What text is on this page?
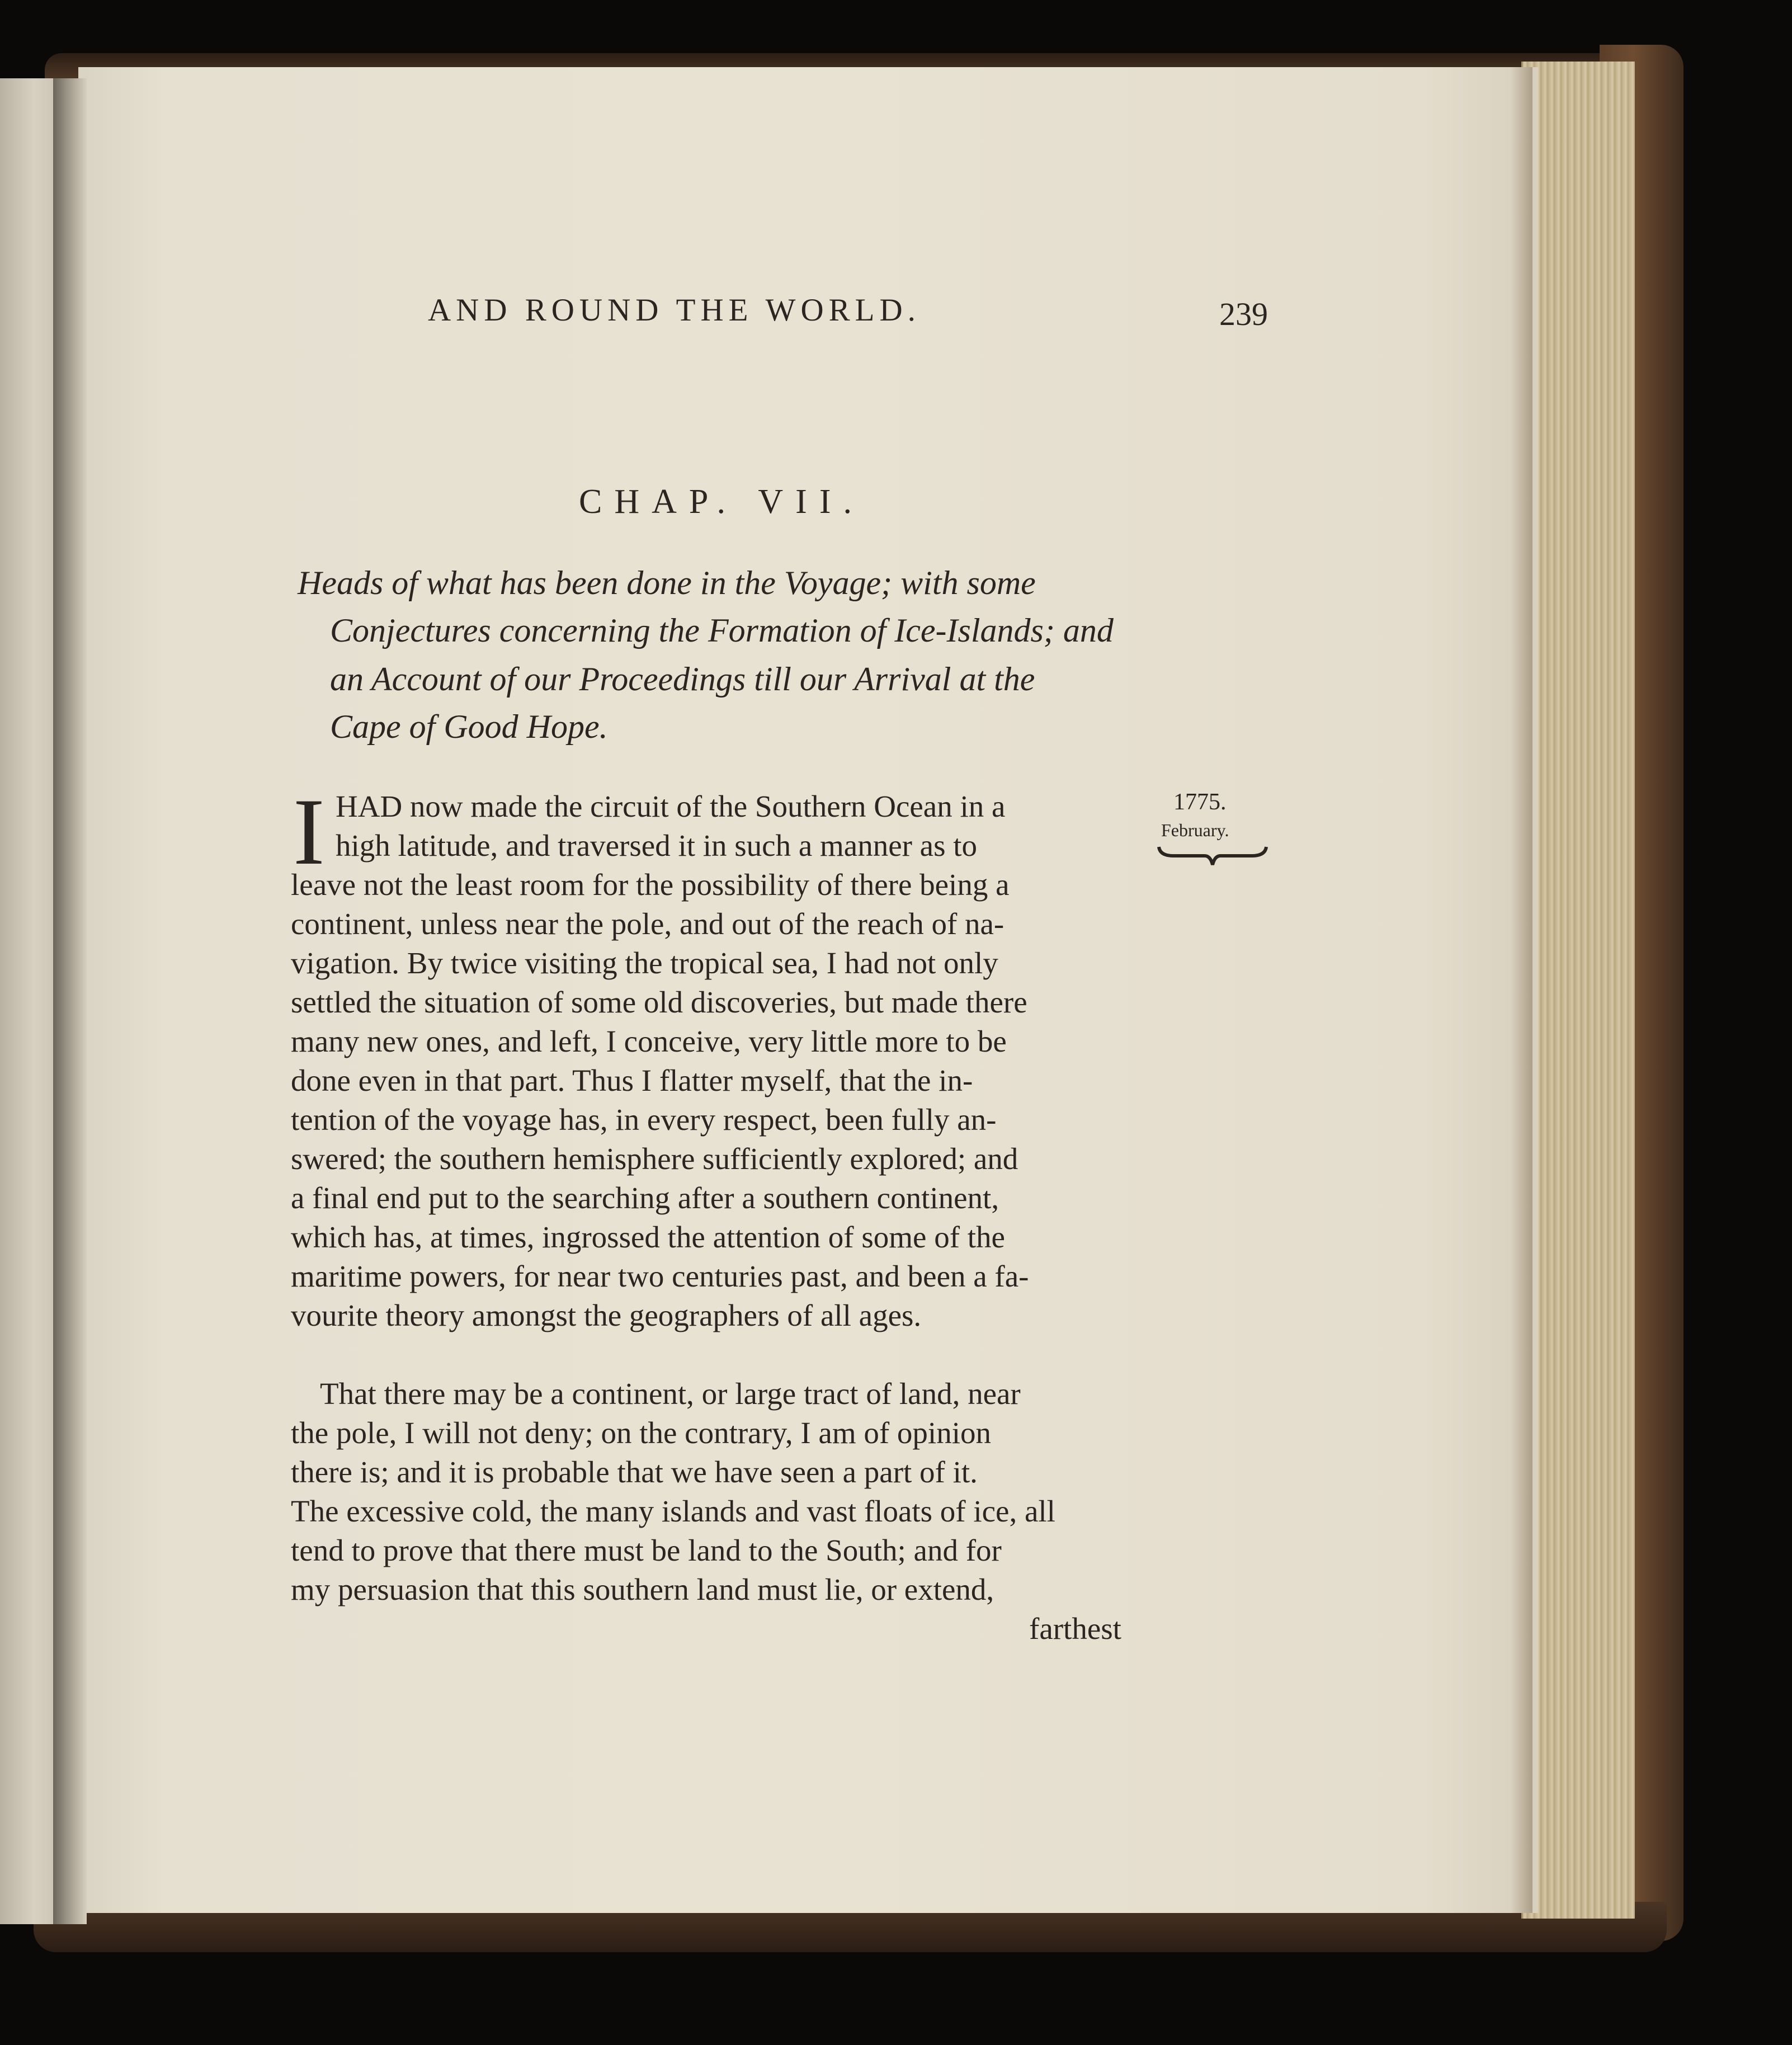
AND ROUND THE WORLD.	239
CHAP. VII.
Heads of what has been done in the Voyage; with some
Conjectures concerning the Formation of Ice-Islands; and
an Account of our Proceedings till our Arrival at the
Cape of Good Hope.
1775.
February.
I HAD now made the circuit of the Southern Ocean in a
high latitude, and traversed it in such a manner as to
leave not the least room for the possibility of there being a
continent, unless near the pole, and out of the reach of na-
vigation. By twice visiting the tropical sea, I had not only
settled the situation of some old discoveries, but made there
many new ones, and left, I conceive, very little more to be
done even in that part. Thus I flatter myself, that the in-
tention of the voyage has, in every respect, been fully an-
swered; the southern hemisphere sufficiently explored; and
a final end put to the searching after a southern continent,
which has, at times, ingrossed the attention of some of the
maritime powers, for near two centuries past, and been a fa-
vourite theory amongst the geographers of all ages.
That there may be a continent, or large tract of land, near
the pole, I will not deny; on the contrary, I am of opinion
there is; and it is probable that we have seen a part of it.
The excessive cold, the many islands and vast floats of ice, all
tend to prove that there must be land to the South; and for
my persuasion that this southern land must lie, or extend,
farthest
